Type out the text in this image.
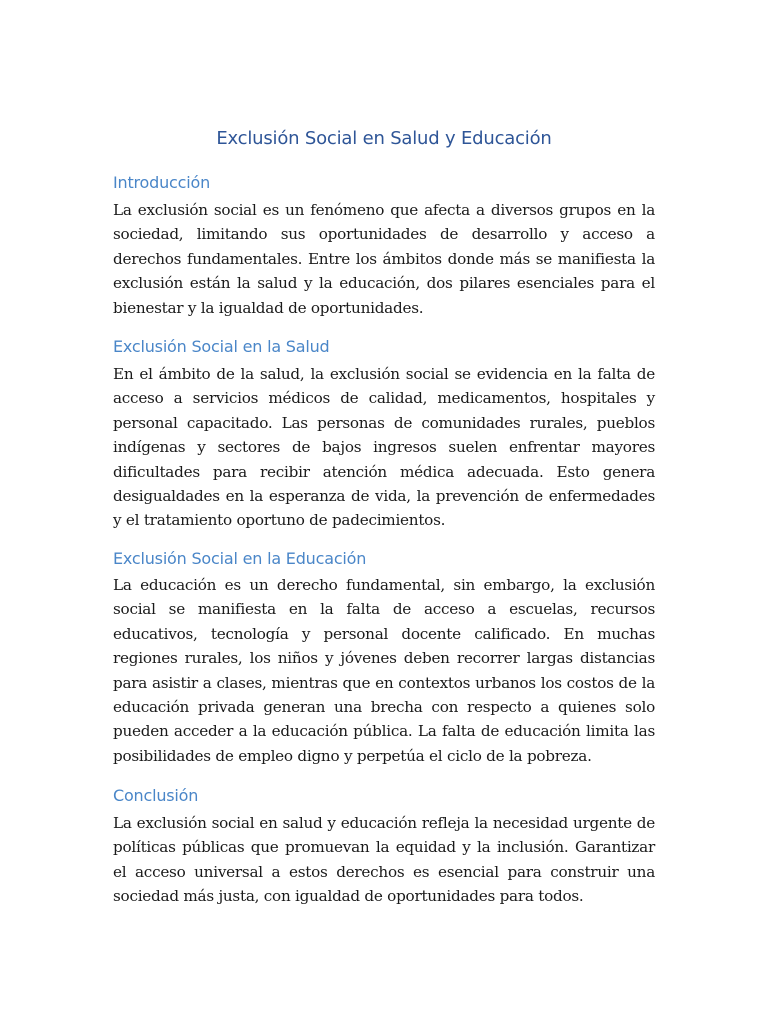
Exclusión Social en Salud y Educación
Introducción

La exclusión social es un fenómeno que afecta a diversos grupos en la sociedad, limitando sus oportunidades de desarrollo y acceso a derechos fundamentales. Entre los ámbitos donde más se manifiesta la exclusión están la salud y la educación, dos pilares esenciales para el bienestar y la igualdad de oportunidades.

Exclusión Social en la Salud

En el ámbito de la salud, la exclusión social se evidencia en la falta de acceso a servicios médicos de calidad, medicamentos, hospitales y personal capacitado. Las personas de comunidades rurales, pueblos indígenas y sectores de bajos ingresos suelen enfrentar mayores dificultades para recibir atención médica adecuada. Esto genera desigualdades en la esperanza de vida, la prevención de enfermedades y el tratamiento oportuno de padecimientos.

Exclusión Social en la Educación

La educación es un derecho fundamental, sin embargo, la exclusión social se manifiesta en la falta de acceso a escuelas, recursos educativos, tecnología y personal docente calificado. En muchas regiones rurales, los niños y jóvenes deben recorrer largas distancias para asistir a clases, mientras que en contextos urbanos los costos de la educación privada generan una brecha con respecto a quienes solo pueden acceder a la educación pública. La falta de educación limita las posibilidades de empleo digno y perpetúa el ciclo de la pobreza.

Conclusión

La exclusión social en salud y educación refleja la necesidad urgente de políticas públicas que promuevan la equidad y la inclusión. Garantizar el acceso universal a estos derechos es esencial para construir una sociedad más justa, con igualdad de oportunidades para todos.
